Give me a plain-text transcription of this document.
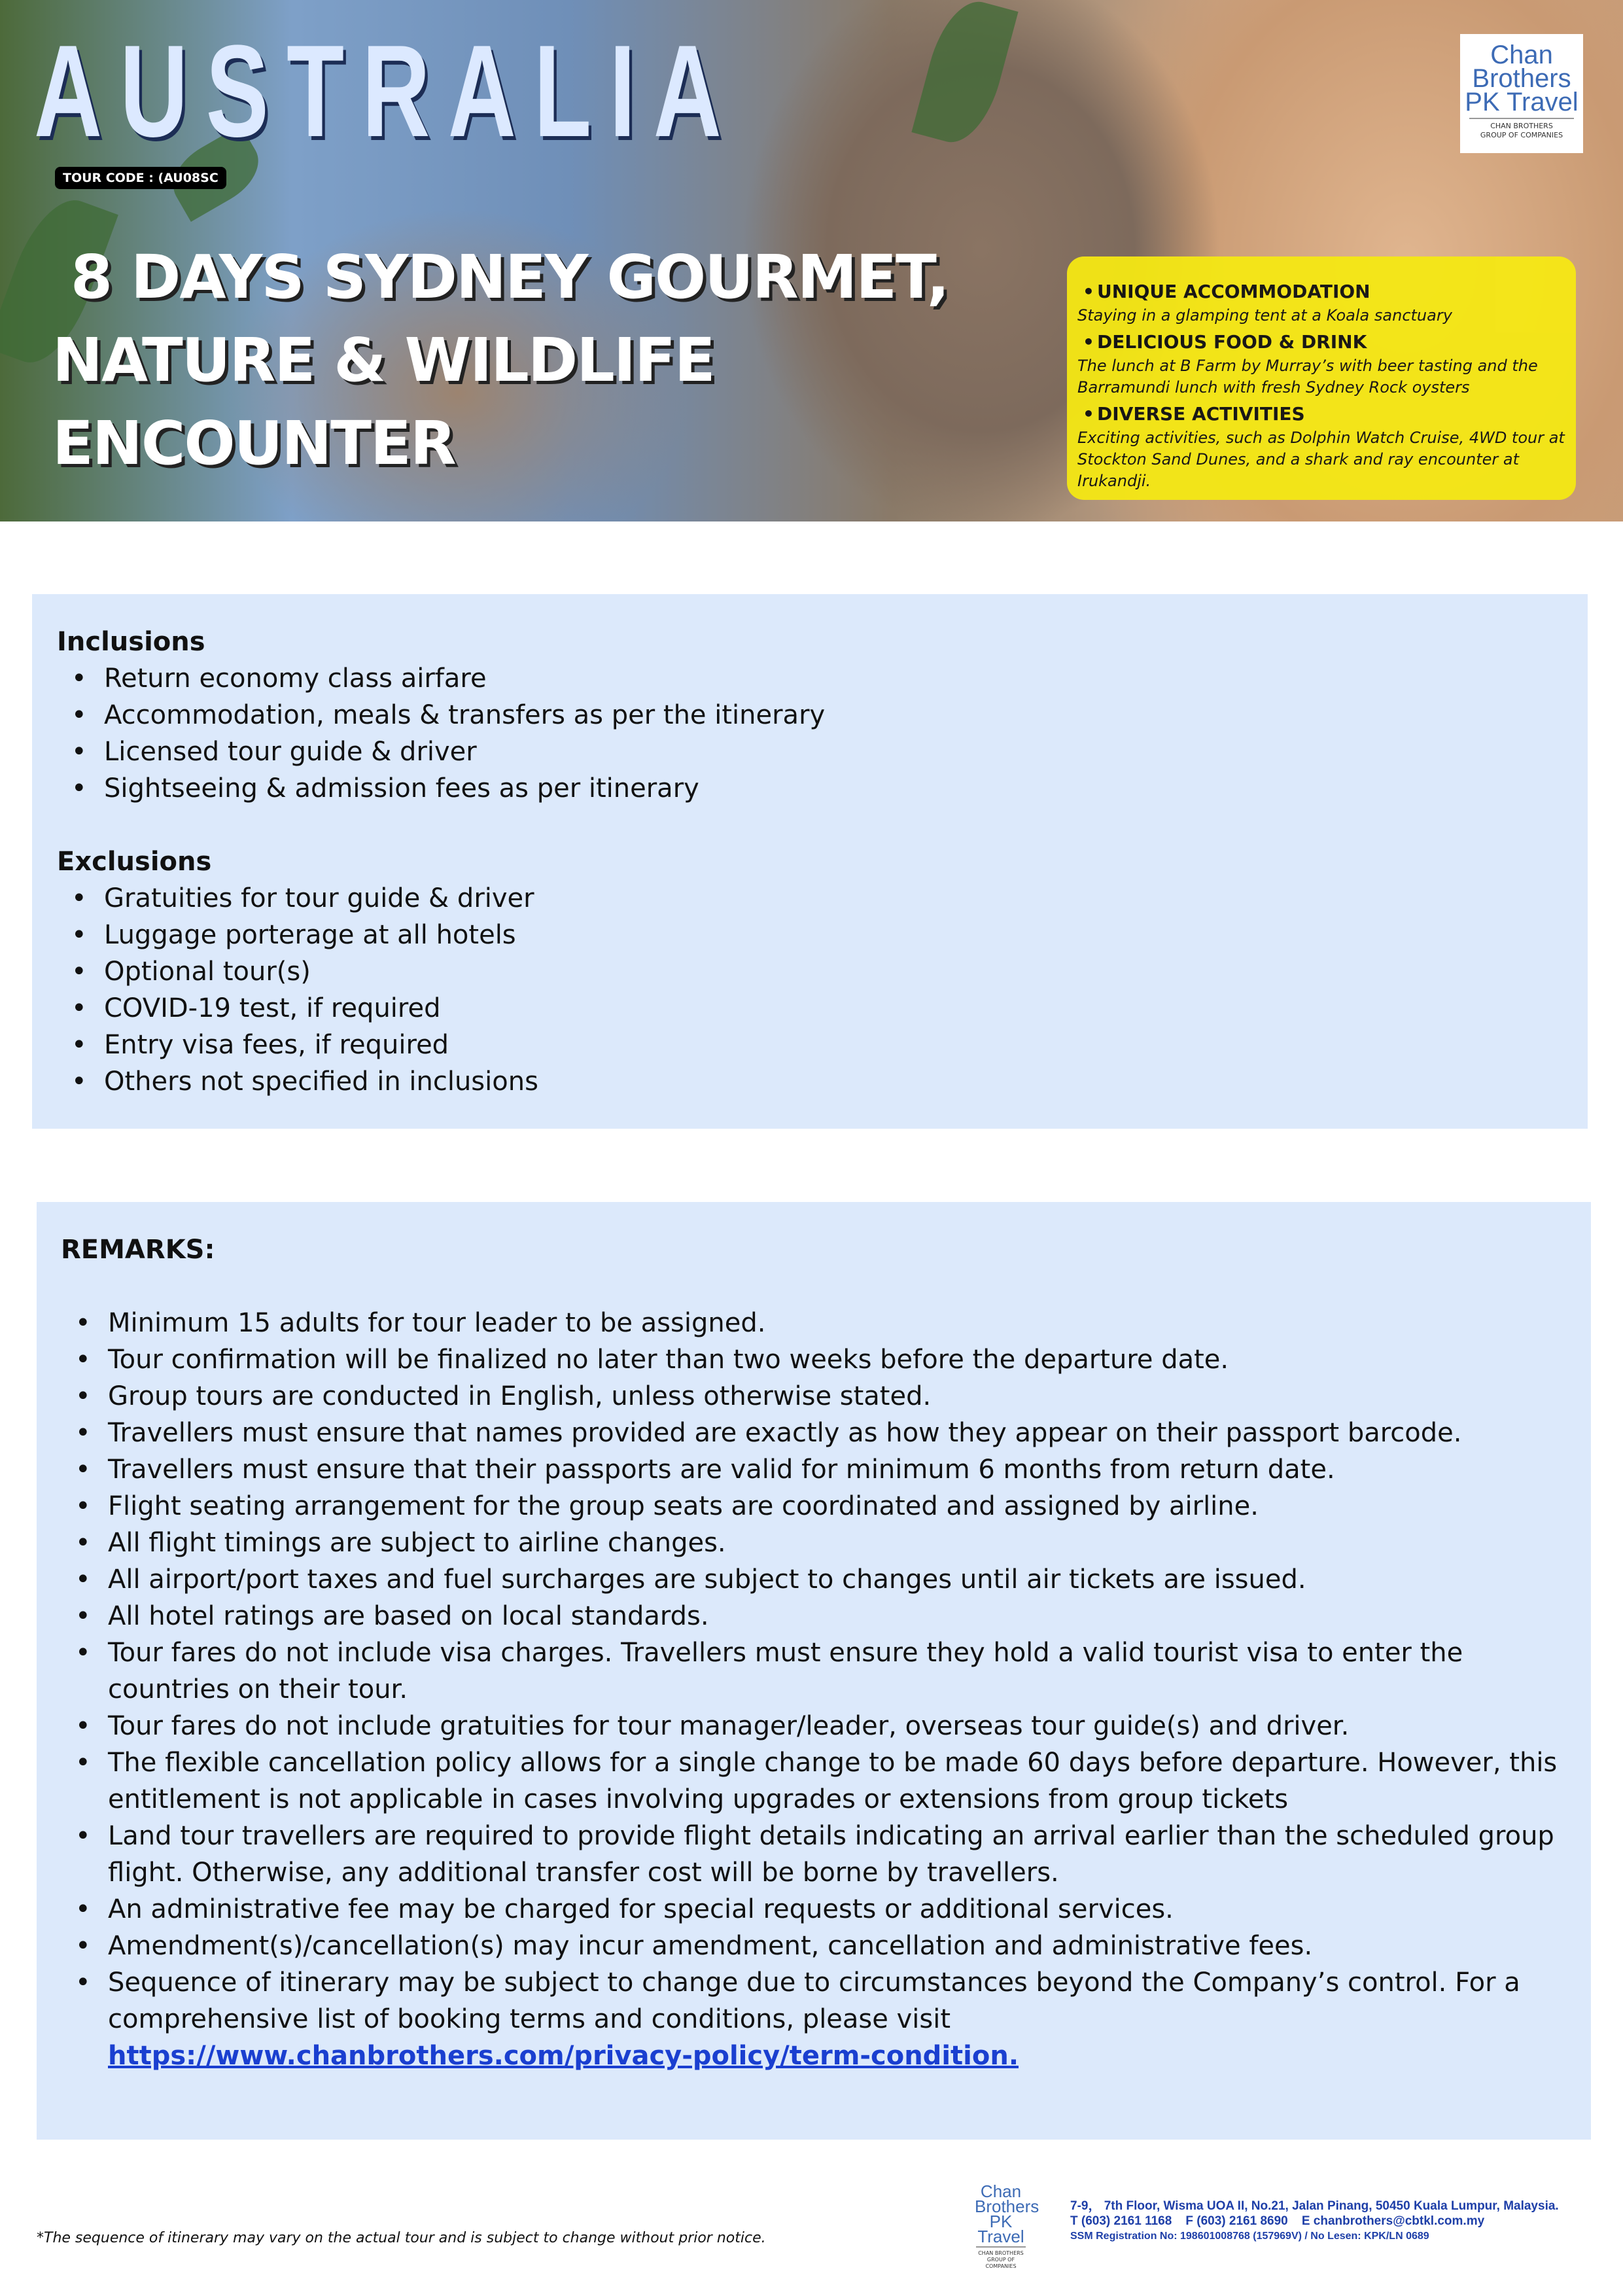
AUSTRALIA
TOUR CODE : (AU08SC
8 DAYS SYDNEY GOURMET,
NATURE & WILDLIFE
ENCOUNTER
Chan
Brothers
PK Travel
CHAN BROTHERS
GROUP OF COMPANIES
• UNIQUE ACCOMMODATION
Staying in a glamping tent at a Koala sanctuary
• DELICIOUS FOOD & DRINK
The lunch at B Farm by Murray’s with beer tasting and the Barramundi lunch with fresh Sydney Rock oysters
• DIVERSE ACTIVITIES
Exciting activities, such as Dolphin Watch Cruise, 4WD tour at Stockton Sand Dunes, and a shark and ray encounter at Irukandji.
Inclusions
• Return economy class airfare
• Accommodation, meals & transfers as per the itinerary
• Licensed tour guide & driver
• Sightseeing & admission fees as per itinerary
Exclusions
• Gratuities for tour guide & driver
• Luggage porterage at all hotels
• Optional tour(s)
• COVID-19 test, if required
• Entry visa fees, if required
• Others not specified in inclusions
REMARKS:
• Minimum 15 adults for tour leader to be assigned.
• Tour confirmation will be finalized no later than two weeks before the departure date.
• Group tours are conducted in English, unless otherwise stated.
• Travellers must ensure that names provided are exactly as how they appear on their passport barcode.
• Travellers must ensure that their passports are valid for minimum 6 months from return date.
• Flight seating arrangement for the group seats are coordinated and assigned by airline.
• All flight timings are subject to airline changes.
• All airport/port taxes and fuel surcharges are subject to changes until air tickets are issued.
• All hotel ratings are based on local standards.
• Tour fares do not include visa charges. Travellers must ensure they hold a valid tourist visa to enter the countries on their tour.
• Tour fares do not include gratuities for tour manager/leader, overseas tour guide(s) and driver.
• The flexible cancellation policy allows for a single change to be made 60 days before departure. However, this entitlement is not applicable in cases involving upgrades or extensions from group tickets
• Land tour travellers are required to provide flight details indicating an arrival earlier than the scheduled group flight. Otherwise, any additional transfer cost will be borne by travellers.
• An administrative fee may be charged for special requests or additional services.
• Amendment(s)/cancellation(s) may incur amendment, cancellation and administrative fees.
• Sequence of itinerary may be subject to change due to circumstances beyond the Company’s control. For a comprehensive list of booking terms and conditions, please visit
https://www.chanbrothers.com/privacy-policy/term-condition.
*The sequence of itinerary may vary on the actual tour and is subject to change without prior notice.
Chan
Brothers
PK Travel
CHAN BROTHERS
GROUP OF COMPANIES
7-9， 7th Floor, Wisma UOA II, No.21, Jalan Pinang, 50450 Kuala Lumpur, Malaysia.
T (603) 2161 1168    F (603) 2161 8690    E chanbrothers@cbtkl.com.my
SSM Registration No: 198601008768 (157969V) / No Lesen: KPK/LN 0689
